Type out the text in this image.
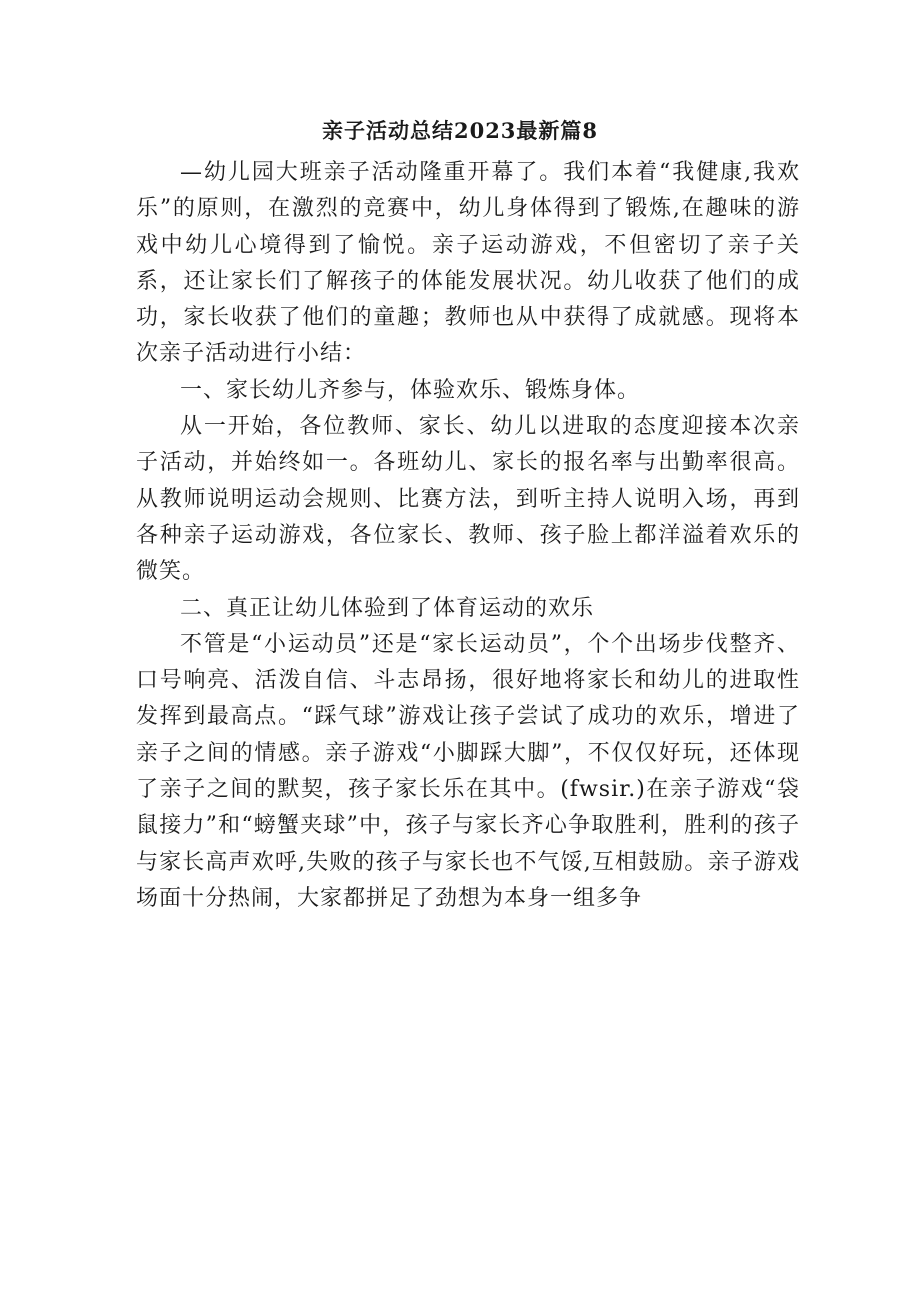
亲子活动总结2023最新篇8

—幼儿园大班亲子活动隆重开幕了。我们本着“我健康,我欢乐”的原则，在激烈的竞赛中，幼儿身体得到了锻炼,在趣味的游戏中幼儿心境得到了愉悦。亲子运动游戏，不但密切了亲子关系，还让家长们了解孩子的体能发展状况。幼儿收获了他们的成功，家长收获了他们的童趣；教师也从中获得了成就感。现将本次亲子活动进行小结：

一、家长幼儿齐参与，体验欢乐、锻炼身体。

从一开始，各位教师、家长、幼儿以进取的态度迎接本次亲子活动，并始终如一。各班幼儿、家长的报名率与出勤率很高。从教师说明运动会规则、比赛方法，到听主持人说明入场，再到各种亲子运动游戏，各位家长、教师、孩子脸上都洋溢着欢乐的微笑。

二、真正让幼儿体验到了体育运动的欢乐

不管是“小运动员”还是“家长运动员”，个个出场步伐整齐、口号响亮、活泼自信、斗志昂扬，很好地将家长和幼儿的进取性发挥到最高点。“踩气球”游戏让孩子尝试了成功的欢乐，增进了亲子之间的情感。亲子游戏“小脚踩大脚”，不仅仅好玩，还体现了亲子之间的默契，孩子家长乐在其中。(fwsir.)在亲子游戏“袋鼠接力”和“螃蟹夹球”中，孩子与家长齐心争取胜利，胜利的孩子与家长高声欢呼,失败的孩子与家长也不气馁,互相鼓励。亲子游戏场面十分热闹，大家都拼足了劲想为本身一组多争
